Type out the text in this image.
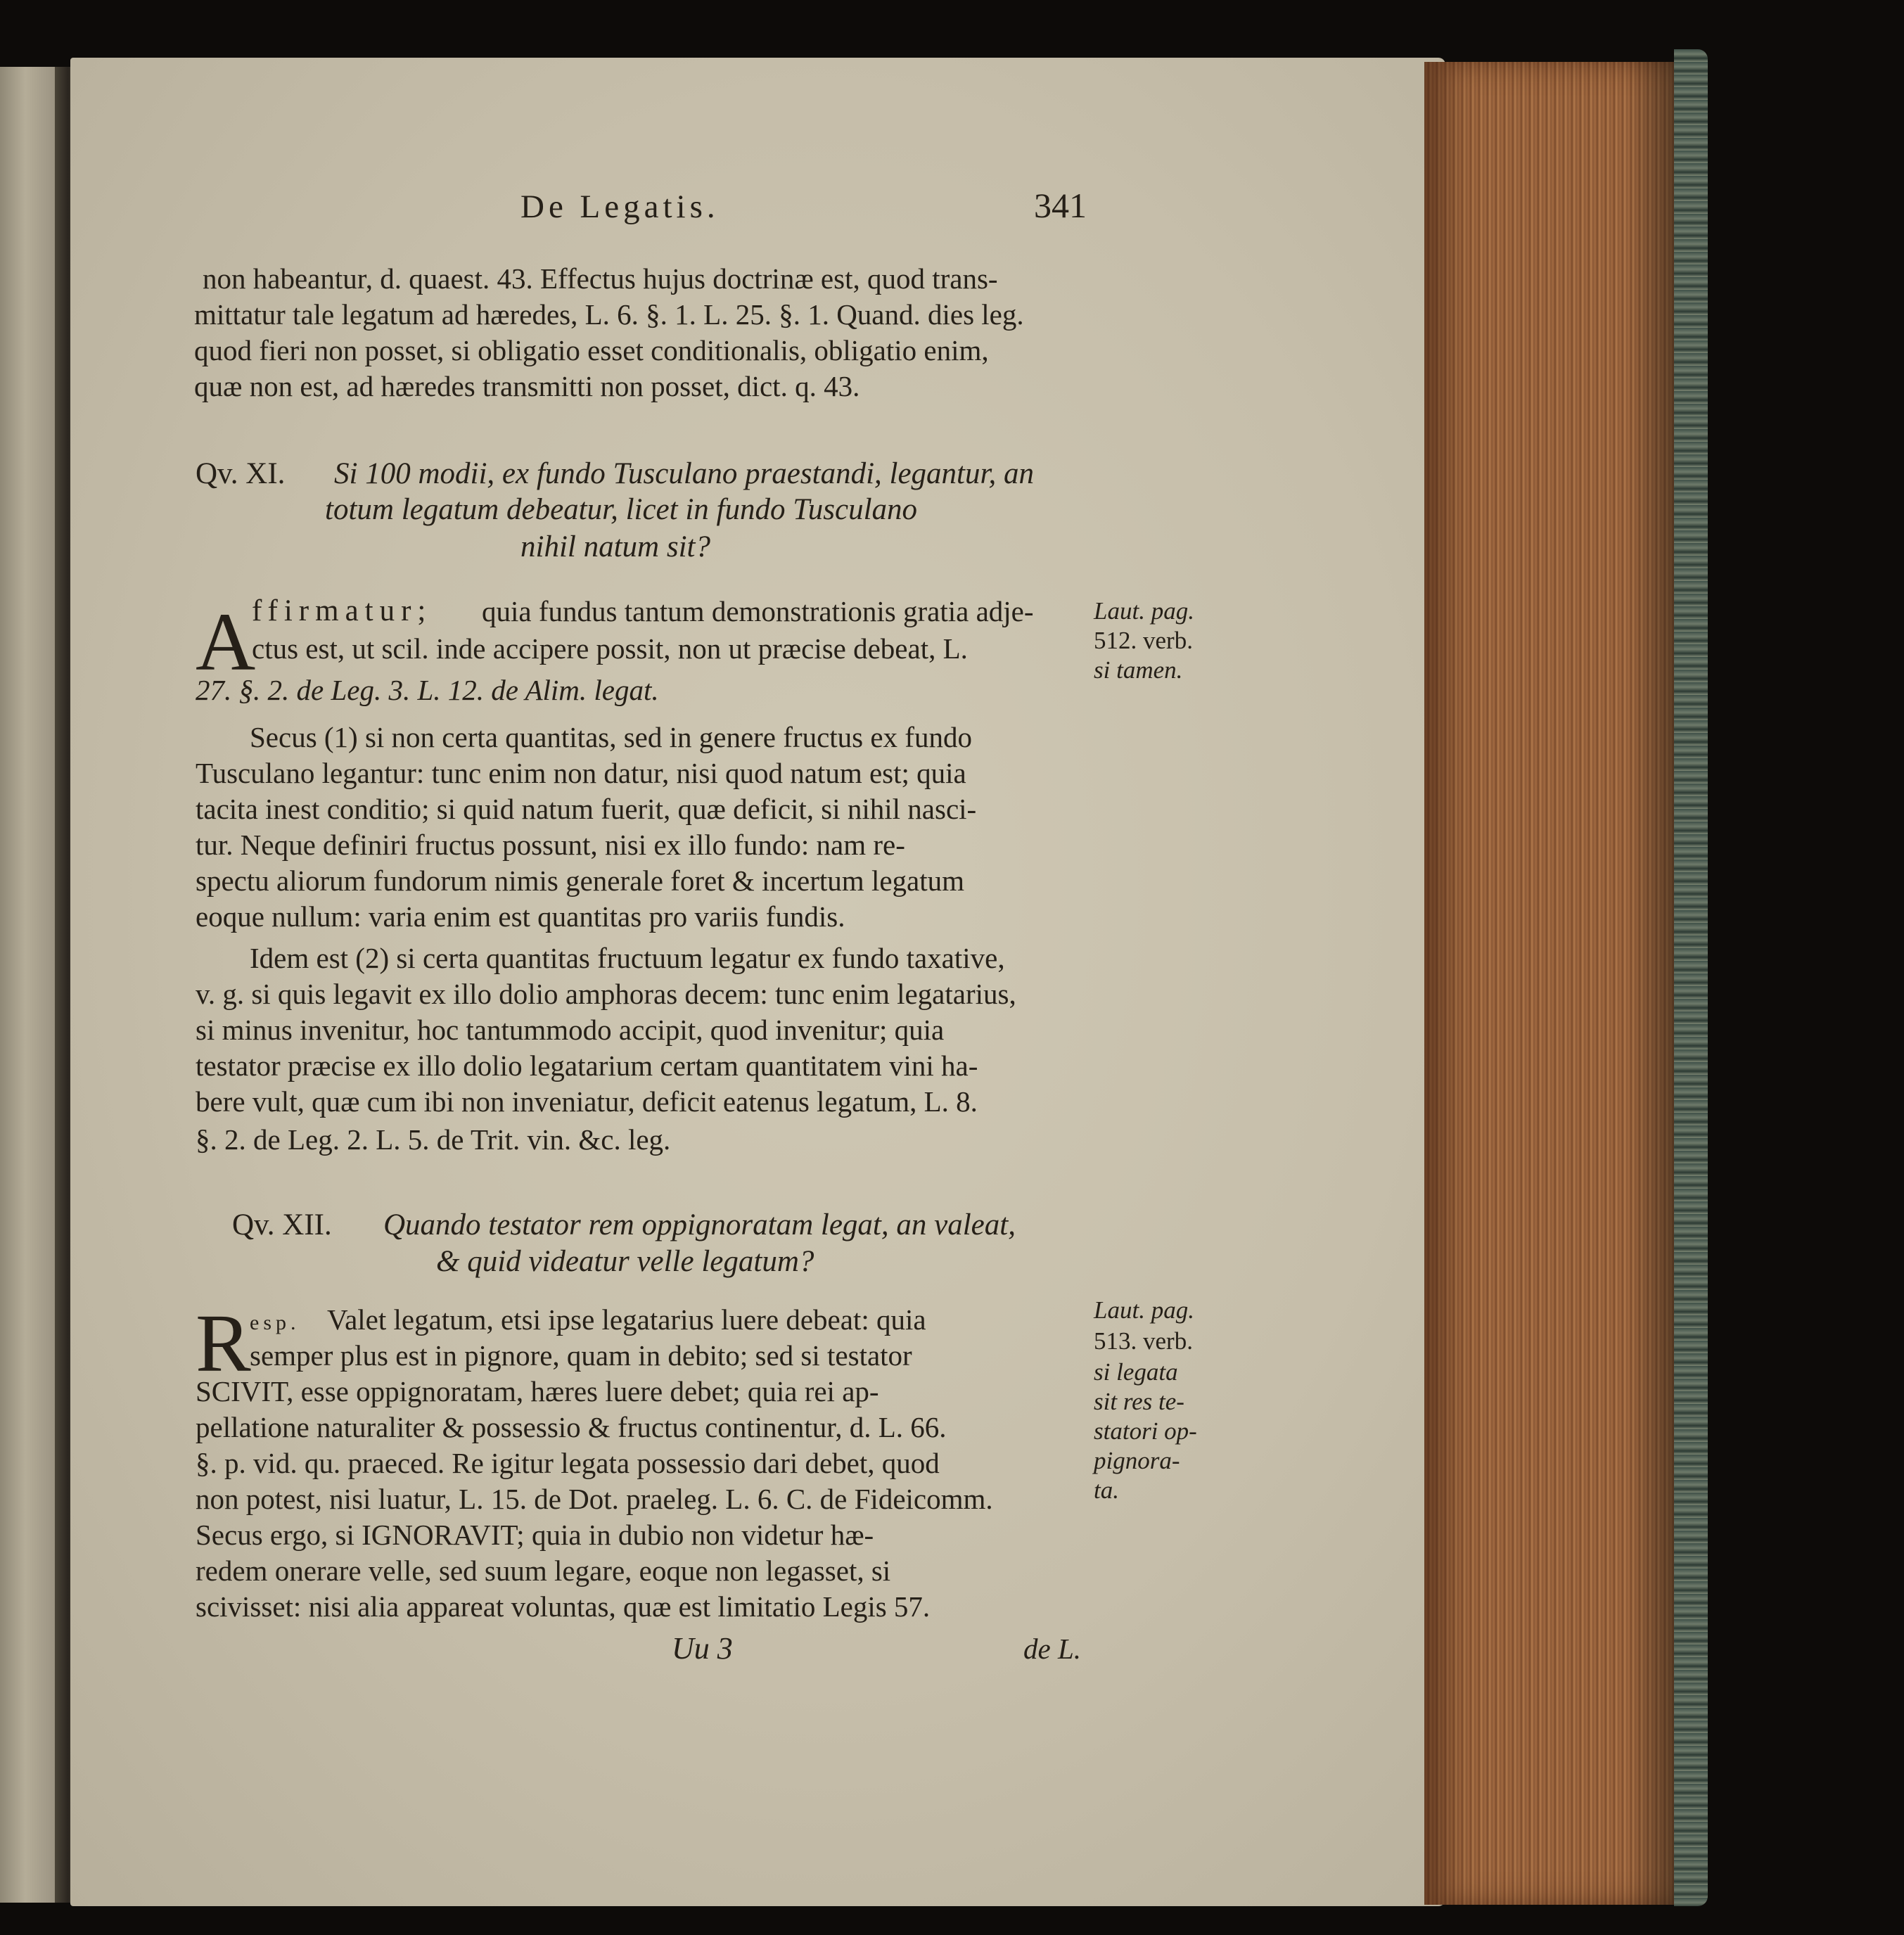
De Legatis.	341
non habeantur, d. quaest. 43. Effectus hujus doctrinæ est, quod trans-
mittatur tale legatum ad hæredes, L. 6. §. 1. L. 25. §. 1. Quand. dies leg.
quod fieri non posset, si obligatio esset conditionalis, obligatio enim,
quæ non est, ad hæredes transmitti non posset, dict. q. 43.
Qv. XI. Si 100 modii, ex fundo Tusculano praestandi, legantur, an
totum legatum debeatur, licet in fundo Tusculano
nihil natum sit?
A
ffirmatur; quia fundus tantum demonstrationis gratia adje-
ctus est, ut scil. inde accipere possit, non ut præcise debeat, L.
27. §. 2. de Leg. 3. L. 12. de Alim. legat.
Laut. pag.
512. verb.
si tamen.
Secus (1) si non certa quantitas, sed in genere fructus ex fundo
Tusculano legantur: tunc enim non datur, nisi quod natum est; quia
tacita inest conditio; si quid natum fuerit, quæ deficit, si nihil nasci-
tur. Neque definiri fructus possunt, nisi ex illo fundo: nam re-
spectu aliorum fundorum nimis generale foret & incertum legatum
eoque nullum: varia enim est quantitas pro variis fundis.
Idem est (2) si certa quantitas fructuum legatur ex fundo taxative,
v. g. si quis legavit ex illo dolio amphoras decem: tunc enim legatarius,
si minus invenitur, hoc tantummodo accipit, quod invenitur; quia
testator præcise ex illo dolio legatarium certam quantitatem vini ha-
bere vult, quæ cum ibi non inveniatur, deficit eatenus legatum, L. 8.
§. 2. de Leg. 2. L. 5. de Trit. vin. &c. leg.
Qv. XII. Quando testator rem oppignoratam legat, an valeat,
& quid videatur velle legatum?
R
esp. Valet legatum, etsi ipse legatarius luere debeat: quia
semper plus est in pignore, quam in debito; sed si testator
SCIVIT, esse oppignoratam, hæres luere debet; quia rei ap-
pellatione naturaliter & possessio & fructus continentur, d. L. 66.
§. p. vid. qu. praeced. Re igitur legata possessio dari debet, quod
non potest, nisi luatur, L. 15. de Dot. praeleg. L. 6. C. de Fideicomm.
Secus ergo, si IGNORAVIT; quia in dubio non videtur hæ-
redem onerare velle, sed suum legare, eoque non legasset, si
scivisset: nisi alia appareat voluntas, quæ est limitatio Legis 57.
Laut. pag.
513. verb.
si legata
sit res te-
statori op-
pignora-
ta.
Uu 3	de L.
